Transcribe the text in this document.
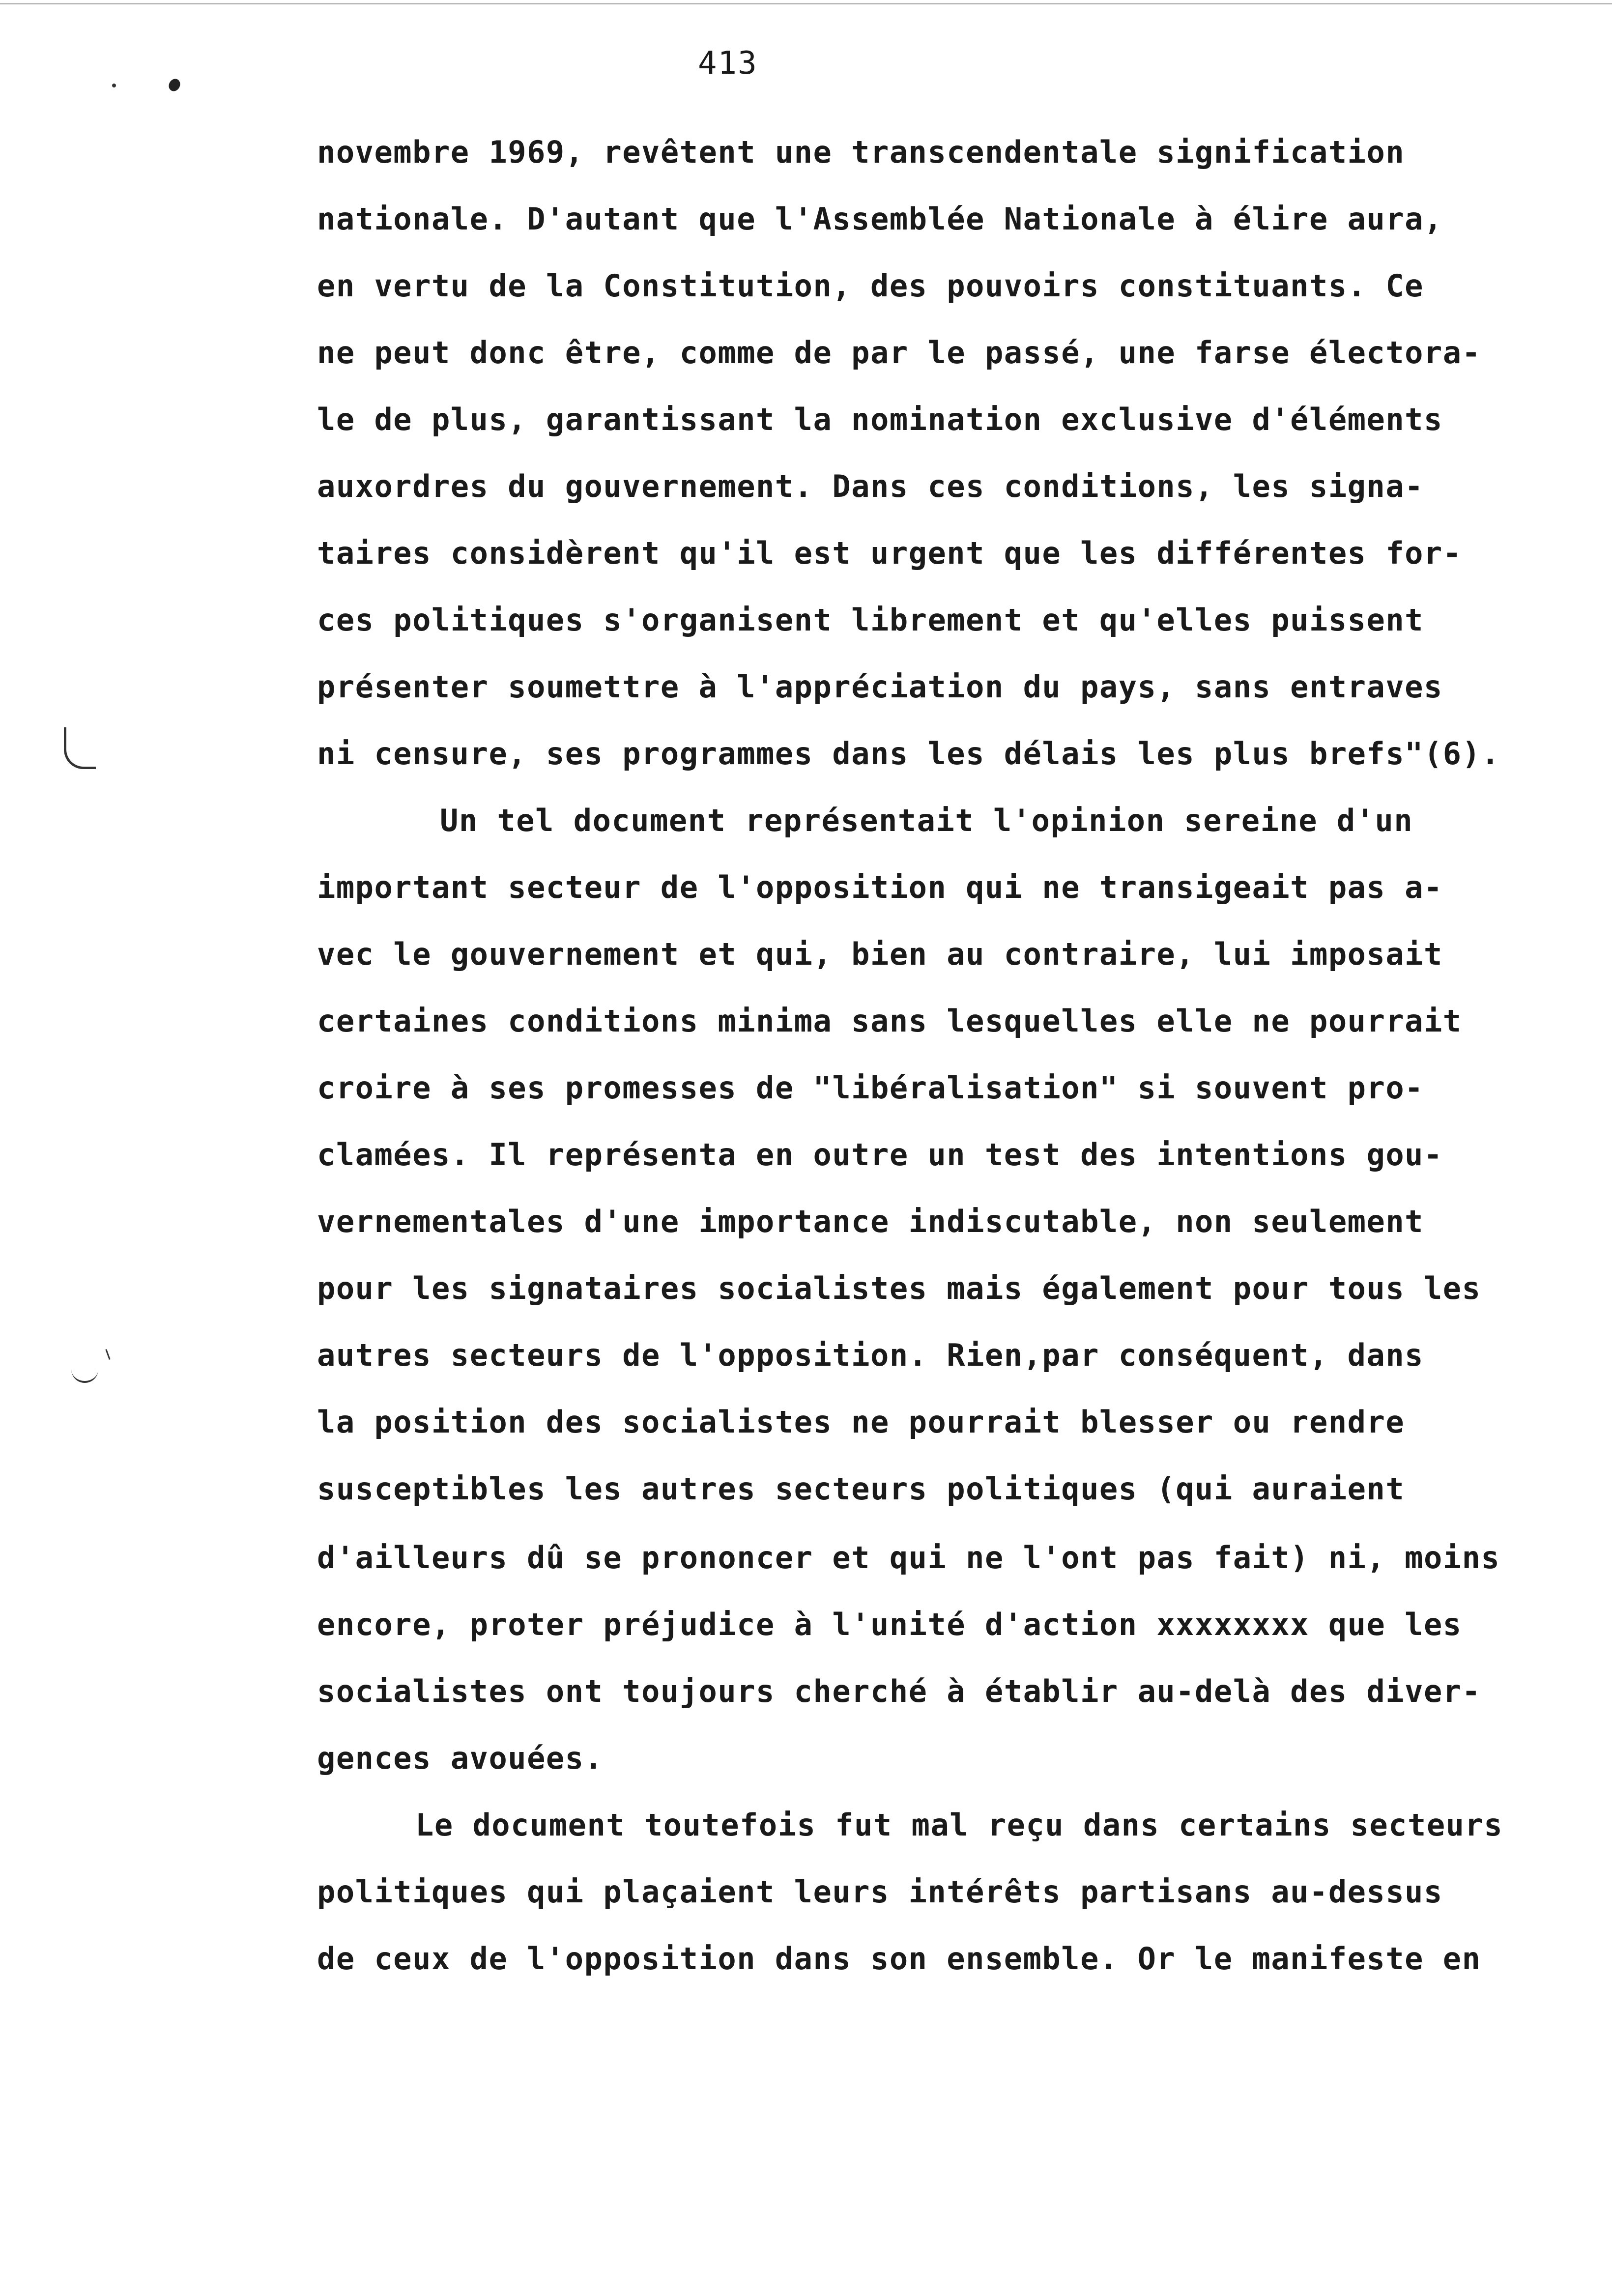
413
novembre 1969, revêtent une transcendentale signification
nationale. D'autant que l'Assemblée Nationale à élire aura,
en vertu de la Constitution, des pouvoirs constituants. Ce
ne peut donc être, comme de par le passé, une farse électora-
le de plus, garantissant la nomination exclusive d'éléments
auxordres du gouvernement. Dans ces conditions, les signa-
taires considèrent qu'il est urgent que les différentes for-
ces politiques s'organisent librement et qu'elles puissent
présenter soumettre à l'appréciation du pays, sans entraves
ni censure, ses programmes dans les délais les plus brefs"(6).
Un tel document représentait l'opinion sereine d'un
important secteur de l'opposition qui ne transigeait pas a-
vec le gouvernement et qui, bien au contraire, lui imposait
certaines conditions minima sans lesquelles elle ne pourrait
croire à ses promesses de "libéralisation" si souvent pro-
clamées. Il représenta en outre un test des intentions gou-
vernementales d'une importance indiscutable, non seulement
pour les signataires socialistes mais également pour tous les
autres secteurs de l'opposition. Rien,par conséquent, dans
la position des socialistes ne pourrait blesser ou rendre
susceptibles les autres secteurs politiques (qui auraient
d'ailleurs dû se prononcer et qui ne l'ont pas fait) ni, moins
encore, proter préjudice à l'unité d'action xxxxxxxx que les
socialistes ont toujours cherché à établir au-delà des diver-
gences avouées.
Le document toutefois fut mal reçu dans certains secteurs
politiques qui plaçaient leurs intérêts partisans au-dessus
de ceux de l'opposition dans son ensemble. Or le manifeste en
